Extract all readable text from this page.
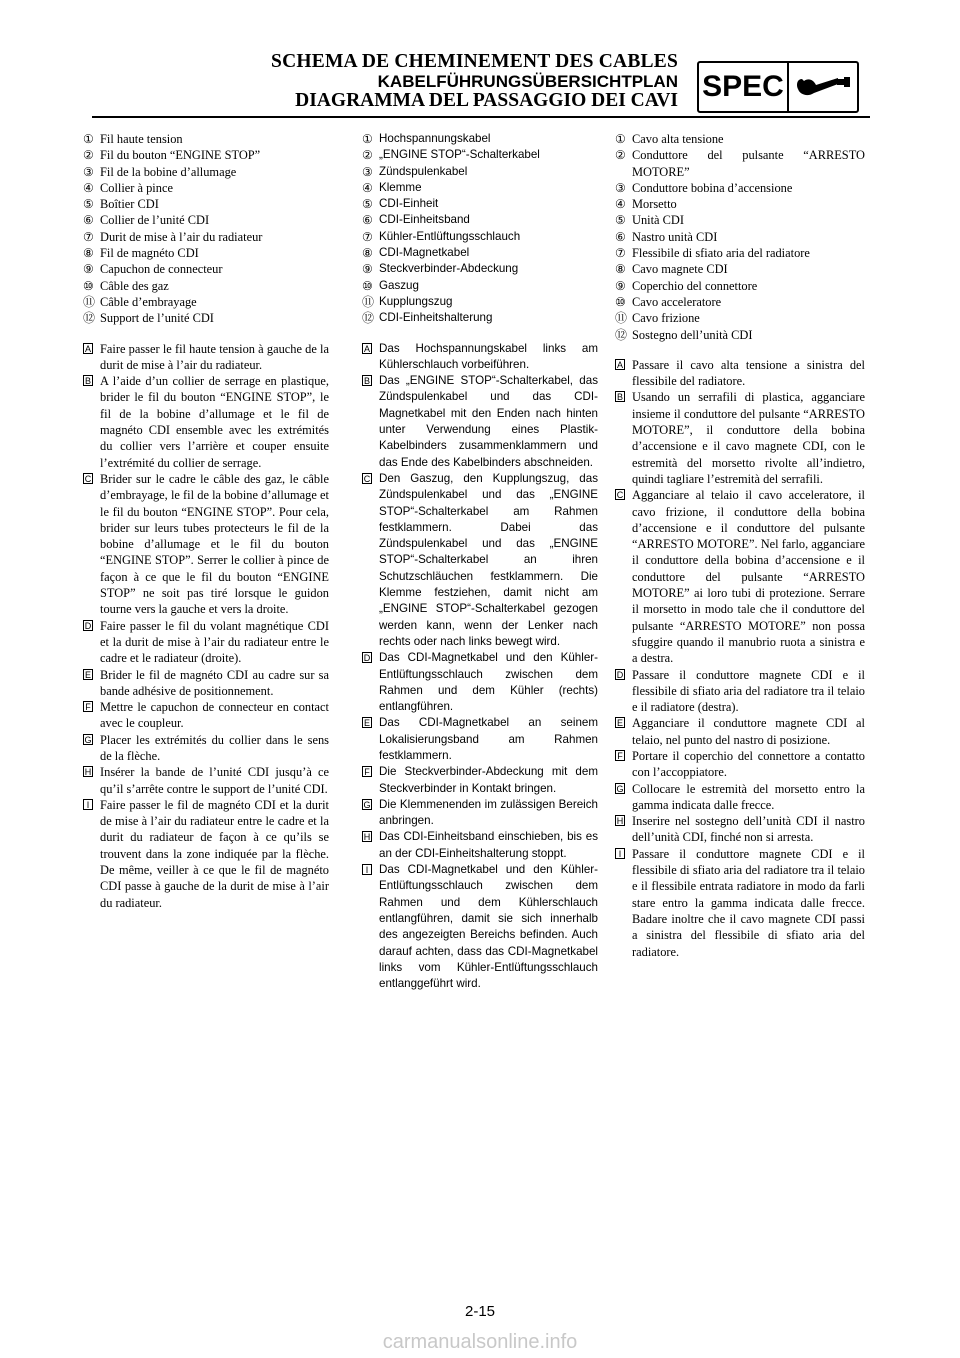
SCHEMA DE CHEMINEMENT DES CABLES
KABELFÜHRUNGSÜBERSICHTPLAN
DIAGRAMMA DEL PASSAGGIO DEI CAVI SPEC
① Fil haute tension
② Fil du bouton “ENGINE STOP”
③ Fil de la bobine d’allumage
④ Collier à pince
⑤ Boîtier CDI
⑥ Collier de l’unité CDI
⑦ Durit de mise à l’air du radiateur
⑧ Fil de magnéto CDI
⑨ Capuchon de connecteur
⑩ Câble des gaz
⑪ Câble d’embrayage
⑫ Support de l’unité CDI
A Faire passer le fil haute tension à gauche de la durit de mise à l’air du radiateur.
B A l’aide d’un collier de serrage en plastique, brider le fil du bouton “ENGINE STOP”, le fil de la bobine d’allumage et le fil de magnéto CDI ensemble avec les extrémités du collier vers l’arrière et couper ensuite l’extrémité du collier de serrage.
C Brider sur le cadre le câble des gaz, le câble d’embrayage, le fil de la bobine d’allumage et le fil du bouton “ENGINE STOP”. Pour cela, brider sur leurs tubes protecteurs le fil de la bobine d’allumage et le fil du bouton “ENGINE STOP”. Serrer le collier à pince de façon à ce que le fil du bouton “ENGINE STOP” ne soit pas tiré lorsque le guidon tourne vers la gauche et vers la droite.
D Faire passer le fil du volant magnétique CDI et la durit de mise à l’air du radiateur entre le cadre et le radiateur (droite).
E Brider le fil de magnéto CDI au cadre sur sa bande adhésive de positionnement.
F Mettre le capuchon de connecteur en contact avec le coupleur.
G Placer les extrémités du collier dans le sens de la flèche.
H Insérer la bande de l’unité CDI jusqu’à ce qu’il s’arrête contre le support de l’unité CDI.
I Faire passer le fil de magnéto CDI et la durit de mise à l’air du radiateur entre le cadre et la durit du radiateur de façon à ce qu’ils se trouvent dans la zone indiquée par la flèche. De même, veiller à ce que le fil de magnéto CDI passe à gauche de la durit de mise à l’air du radiateur.
① Hochspannungskabel
② „ENGINE STOP“-Schalterkabel
③ Zündspulenkabel
④ Klemme
⑤ CDI-Einheit
⑥ CDI-Einheitsband
⑦ Kühler-Entlüftungsschlauch
⑧ CDI-Magnetkabel
⑨ Steckverbinder-Abdeckung
⑩ Gaszug
⑪ Kupplungszug
⑫ CDI-Einheitshalterung
A Das Hochspannungskabel links am Kühlerschlauch vorbeiführen.
B Das „ENGINE STOP“-Schalterkabel, das Zündspulenkabel und das CDI-Magnetkabel mit den Enden nach hinten unter Verwendung eines Plastik-Kabelbinders zusammenklammern und das Ende des Kabelbinders abschneiden.
C Den Gaszug, den Kupplungszug, das Zündspulenkabel und das „ENGINE STOP“-Schalterkabel am Rahmen festklammern. Dabei das Zündspulenkabel und das „ENGINE STOP“-Schalterkabel an ihren Schutzschläuchen festklammern. Die Klemme festziehen, damit nicht am „ENGINE STOP“-Schalterkabel gezogen werden kann, wenn der Lenker nach rechts oder nach links bewegt wird.
D Das CDI-Magnetkabel und den Kühler-Entlüftungsschlauch zwischen dem Rahmen und dem Kühler (rechts) entlangführen.
E Das CDI-Magnetkabel an seinem Lokalisierungsband am Rahmen festklammern.
F Die Steckverbinder-Abdeckung mit dem Steckverbinder in Kontakt bringen.
G Die Klemmenenden im zulässigen Bereich anbringen.
H Das CDI-Einheitsband einschieben, bis es an der CDI-Einheitshalterung stoppt.
I Das CDI-Magnetkabel und den Kühler-Entlüftungsschlauch zwischen dem Rahmen und dem Kühlerschlauch entlangführen, damit sie sich innerhalb des angezeigten Bereichs befinden. Auch darauf achten, dass das CDI-Magnetkabel links vom Kühler-Entlüftungsschlauch entlanggeführt wird.
① Cavo alta tensione
② Conduttore del pulsante “ARRESTO MOTORE”
③ Conduttore bobina d’accensione
④ Morsetto
⑤ Unità CDI
⑥ Nastro unità CDI
⑦ Flessibile di sfiato aria del radiatore
⑧ Cavo magnete CDI
⑨ Coperchio del connettore
⑩ Cavo acceleratore
⑪ Cavo frizione
⑫ Sostegno dell’unità CDI
A Passare il cavo alta tensione a sinistra del flessibile del radiatore.
B Usando un serrafili di plastica, agganciare insieme il conduttore del pulsante “ARRESTO MOTORE”, il conduttore della bobina d’accensione e il cavo magnete CDI, con le estremità del morsetto rivolte all’indietro, quindi tagliare l’estremità del serrafili.
C Agganciare al telaio il cavo acceleratore, il cavo frizione, il conduttore della bobina d’accensione e il conduttore del pulsante “ARRESTO MOTORE”. Nel farlo, agganciare il conduttore della bobina d’accensione e il conduttore del pulsante “ARRESTO MOTORE” ai loro tubi di protezione. Serrare il morsetto in modo tale che il conduttore del pulsante “ARRESTO MOTORE” non possa sfuggire quando il manubrio ruota a sinistra e a destra.
D Passare il conduttore magnete CDI e il flessibile di sfiato aria del radiatore tra il telaio e il radiatore (destra).
E Agganciare il conduttore magnete CDI al telaio, nel punto del nastro di posizione.
F Portare il coperchio del connettore a contatto con l’accoppiatore.
G Collocare le estremità del morsetto entro la gamma indicata dalle frecce.
H Inserire nel sostegno dell’unità CDI il nastro dell’unità CDI, finché non si arresta.
I Passare il conduttore magnete CDI e il flessibile di sfiato aria del radiatore tra il telaio e il flessibile entrata radiatore in modo da farli stare entro la gamma indicata dalle frecce. Badare inoltre che il cavo magnete CDI passi a sinistra del flessibile di sfiato aria del radiatore.
2-15
carmanualsonline.info
